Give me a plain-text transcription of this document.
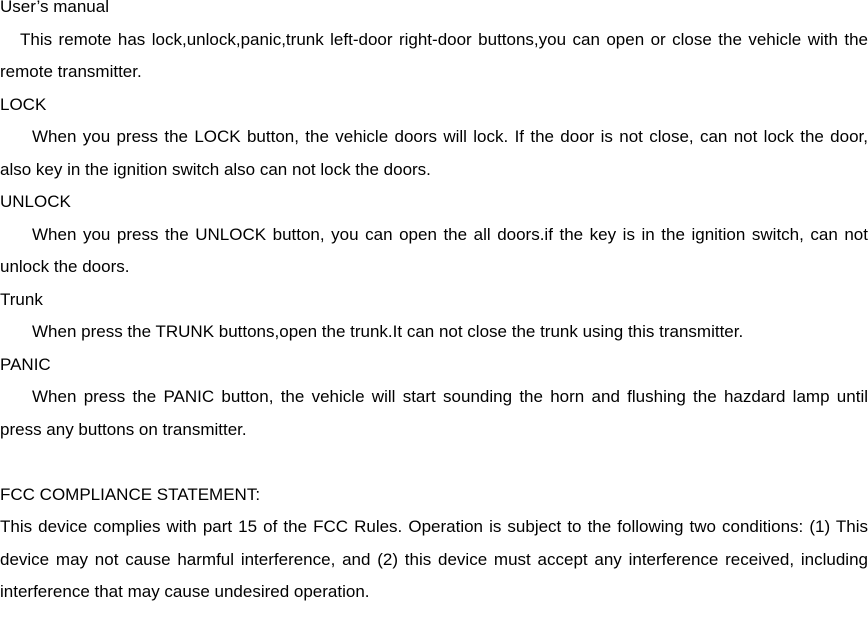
User’s manual
This remote has lock,unlock,panic,trunk left-door right-door buttons,you can open or close the vehicle with the remote transmitter.
LOCK
When you press the LOCK button, the vehicle doors will lock. If the door is not close, can not lock the door, also key in the ignition switch also can not lock the doors.
UNLOCK
When you press the UNLOCK button, you can open the all doors.if the key is in the ignition switch, can not unlock the doors.
Trunk
When press the TRUNK buttons,open the trunk.It can not close the trunk using this transmitter.
PANIC
When press the PANIC button, the vehicle will start sounding the horn and flushing the hazdard lamp until press any buttons on transmitter.
FCC COMPLIANCE STATEMENT:
This device complies with part 15 of the FCC Rules. Operation is subject to the following two conditions: (1) This device may not cause harmful interference, and (2) this device must accept any interference received, including interference that may cause undesired operation.
